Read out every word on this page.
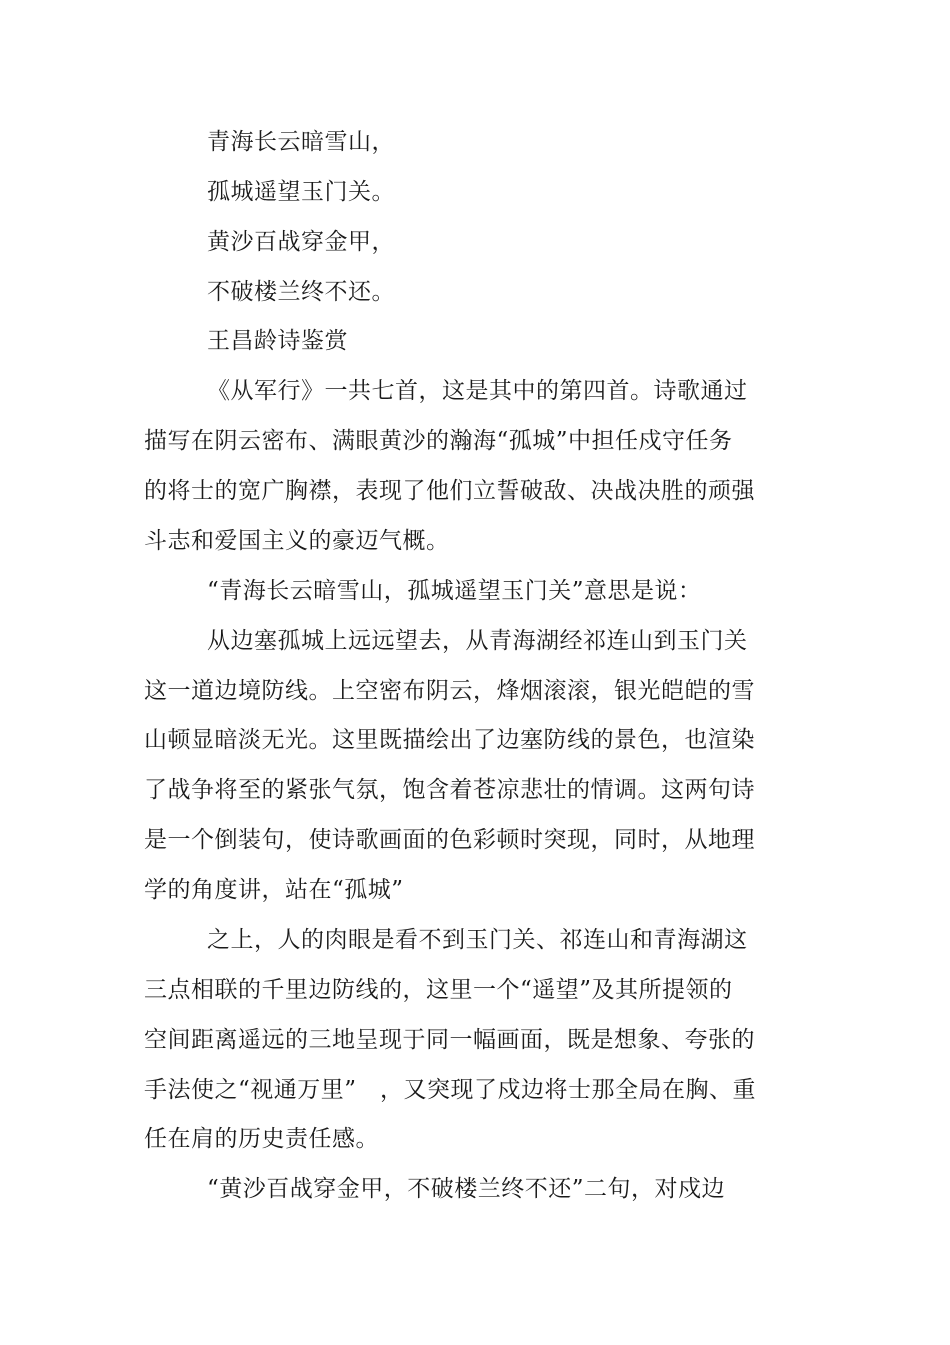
青海长云暗雪山，
孤城遥望玉门关。
黄沙百战穿金甲，
不破楼兰终不还。
王昌龄诗鉴赏
《从军行》一共七首，这是其中的第四首。诗歌通过
描写在阴云密布、满眼黄沙的瀚海“孤城”中担任戍守任务
的将士的宽广胸襟，表现了他们立誓破敌、决战决胜的顽强
斗志和爱国主义的豪迈气概。
“青海长云暗雪山，孤城遥望玉门关”意思是说：
从边塞孤城上远远望去，从青海湖经祁连山到玉门关
这一道边境防线。上空密布阴云，烽烟滚滚，银光皑皑的雪
山顿显暗淡无光。这里既描绘出了边塞防线的景色，也渲染
了战争将至的紧张气氛，饱含着苍凉悲壮的情调。这两句诗
是一个倒装句，使诗歌画面的色彩顿时突现，同时，从地理
学的角度讲，站在“孤城”
之上，人的肉眼是看不到玉门关、祁连山和青海湖这
三点相联的千里边防线的，这里一个“遥望”及其所提领的
空间距离遥远的三地呈现于同一幅画面，既是想象、夸张的
手法使之“视通万里”　，又突现了戍边将士那全局在胸、重
任在肩的历史责任感。
“黄沙百战穿金甲，不破楼兰终不还”二句，对戍边
